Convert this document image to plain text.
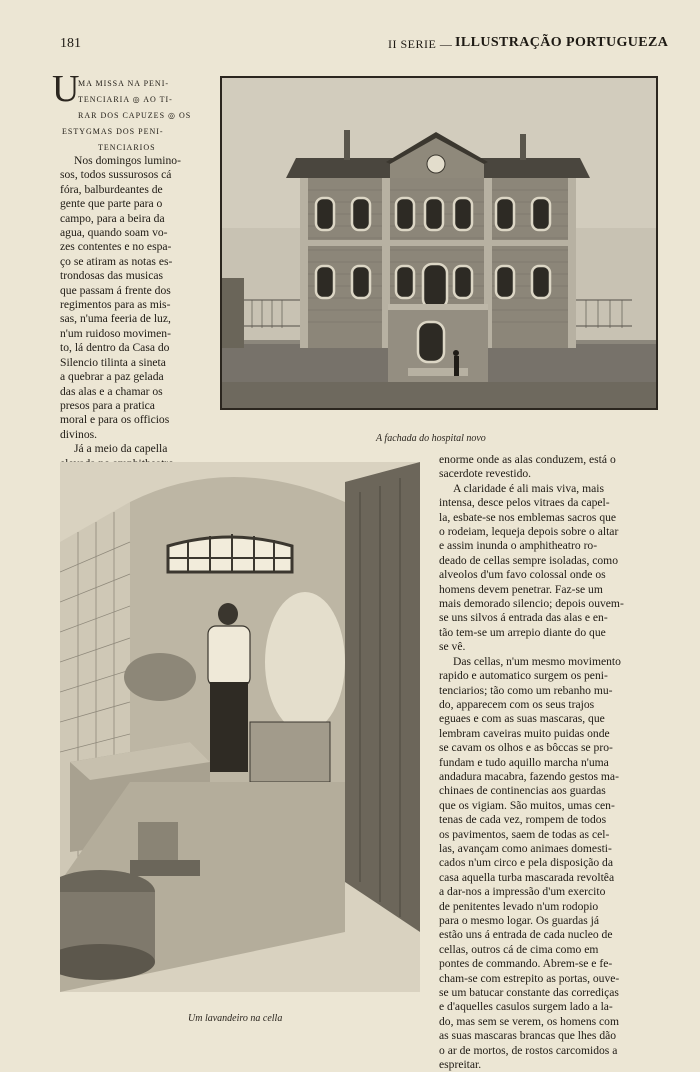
181	II SERIE — ILLUSTRAÇÃO PORTUGUEZA
U
MA MISSA NA PENI-
TENCIARIA ◎ AO TI-
RAR DOS CAPUZES ◎ OS
ESTYGMAS DOS PENI-
TENCIARIOS
Nos domingos lumino-
sos, todos sussurosos cá
fóra, balburdeantes de
gente que parte para o
campo, para a beira da
agua, quando soam vo-
zes contentes e no espa-
ço se atiram as notas es-
trondosas das musicas
que passam á frente dos
regimentos para as mis-
sas, n'uma feeria de luz,
n'um ruidoso movimen-
to, lá dentro da Casa do
Silencio tilinta a sineta
a quebrar a paz gelada
das alas e a chamar os
presos para a pratica
moral e para os officios
divinos.
Já a meio da capella
A fachada do hospital novo
Um lavandeiro na cella
enorme onde as alas conduzem, está o
sacerdote revestido.
A claridade é ali mais viva, mais
intensa, desce pelos vitraes da capel-
la, esbate-se nos emblemas sacros que
o rodeiam, lequeja depois sobre o altar
e assim inunda o amphitheatro ro-
deado de cellas sempre isoladas, como
alveolos d'um favo colossal onde os
homens devem penetrar. Faz-se um
mais demorado silencio; depois ouvem-
se uns silvos á entrada das alas e en-
tão tem-se um arrepio diante do que
se vê.
Das cellas, n'um mesmo movimento
rapido e automatico surgem os peni-
tenciarios; tão como um rebanho mu-
do, apparecem com os seus trajos
eguaes e com as suas mascaras, que
lembram caveiras muito puidas onde
se cavam os olhos e as bôccas se pro-
fundam e tudo aquillo marcha n'uma
andadura macabra, fazendo gestos ma-
chinaes de continencias aos guardas
que os vigiam. São muitos, umas cen-
tenas de cada vez, rompem de todos
os pavimentos, saem de todas as cel-
las, avançam como animaes domesti-
cados n'um circo e pela disposição da
casa aquella turba mascarada revoltêa
a dar-nos a impressão d'um exercito
de penitentes levado n'um rodopio
para o mesmo logar. Os guardas já
estão uns á entrada de cada nucleo de
cellas, outros cá de cima como em
pontes de commando. Abrem-se e fe-
cham-se com estrepito as portas, ouve-
se um batucar constante das corrediças
e d'aquelles casulos surgem lado a la-
do, mas sem se verem, os homens com
as suas mascaras brancas que lhes dão
o ar de mortos, de rostos carcomidos a
espreitar.
